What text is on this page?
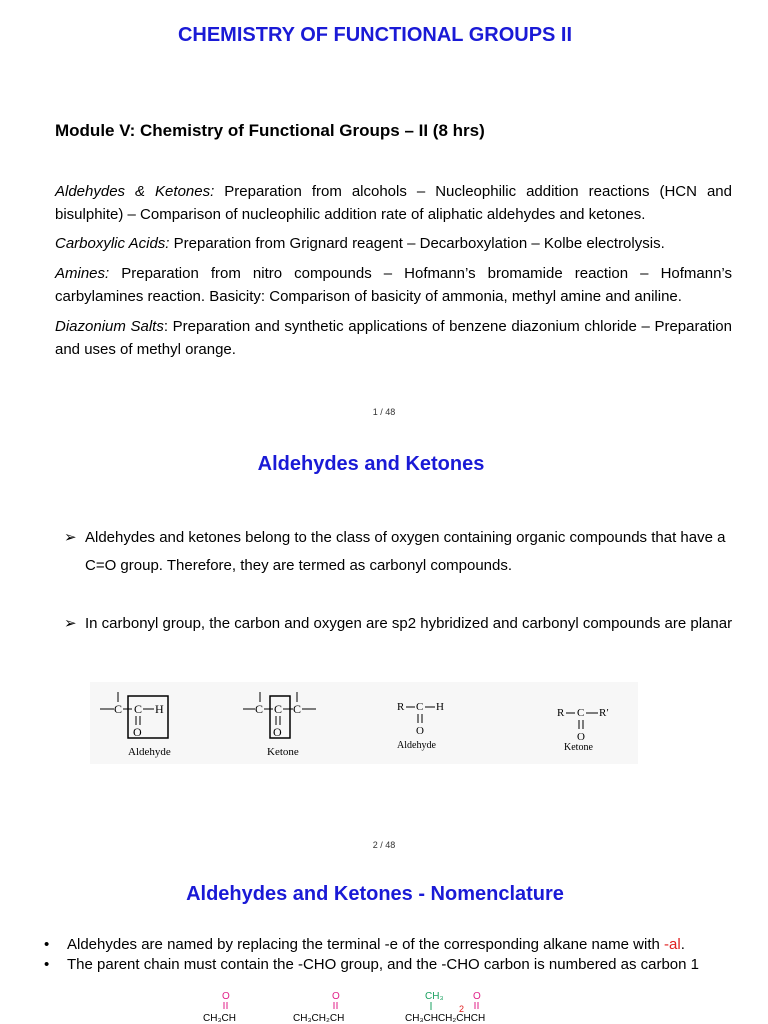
CHEMISTRY OF FUNCTIONAL GROUPS II
Module V: Chemistry of Functional Groups – II (8 hrs)
Aldehydes & Ketones: Preparation from alcohols – Nucleophilic addition reactions (HCN and bisulphite) – Comparison of nucleophilic addition rate of aliphatic aldehydes and ketones.
Carboxylic Acids: Preparation from Grignard reagent – Decarboxylation – Kolbe electrolysis.
Amines: Preparation from nitro compounds – Hofmann’s bromamide reaction – Hofmann’s carbylamines reaction. Basicity: Comparison of basicity of ammonia, methyl amine and aniline.
Diazonium Salts: Preparation and synthetic applications of benzene diazonium chloride – Preparation and uses of methyl orange.
1 / 48
Aldehydes and Ketones
➢ Aldehydes and ketones belong to the class of oxygen containing organic compounds that have a C=O group. Therefore, they are termed as carbonyl compounds.
➢ In carbonyl group, the carbon and oxygen are sp2 hybridized and carbonyl compounds are planar
C C H
O
Aldehyde
C C C
O
Ketone
R C H
O
Aldehyde
R C R′
O
Ketone
2 / 48
Aldehydes and Ketones - Nomenclature
•	Aldehydes are named by replacing the terminal -e of the corresponding alkane name with -al.
•	The parent chain must contain the -CHO group, and the -CHO carbon is numbered as carbon 1
O
CH₃CH
O
CH₃CH₂CH
CH₃
2
O
CH₃CHCH₂CHCH
